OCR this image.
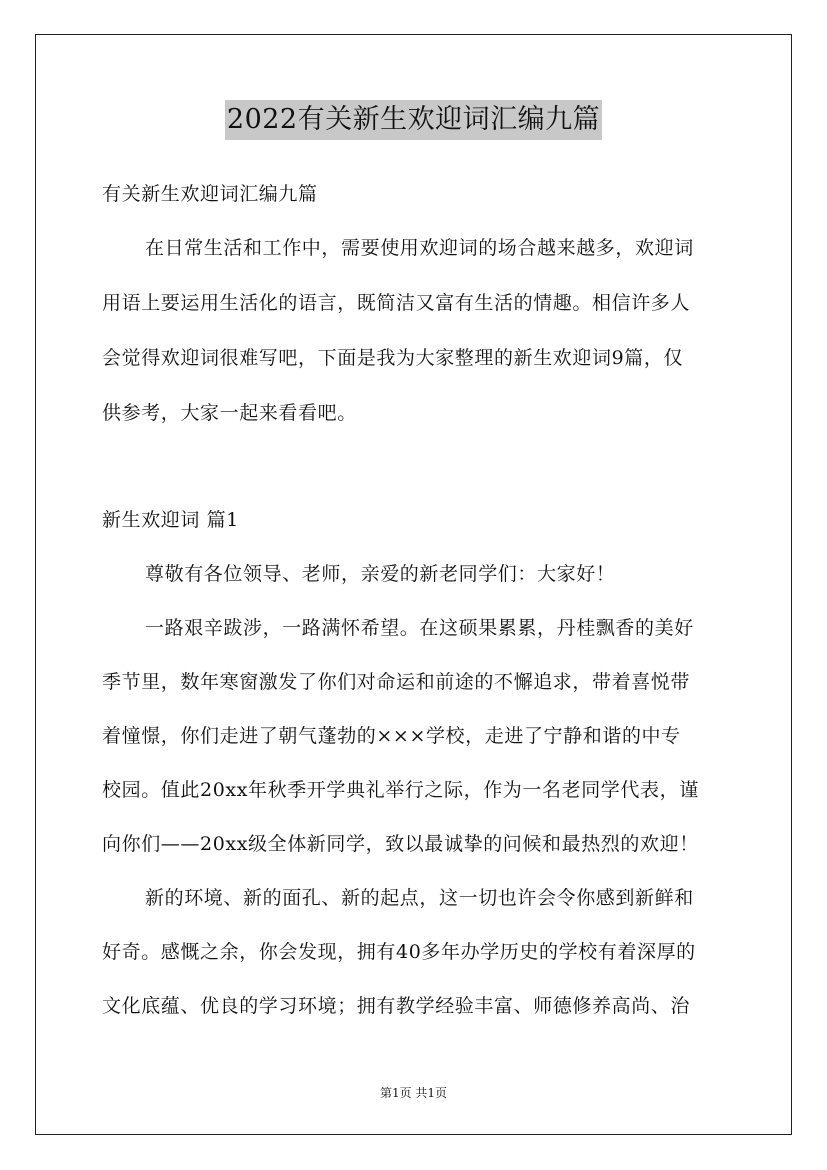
2022有关新生欢迎词汇编九篇
有关新生欢迎词汇编九篇
在日常生活和工作中，需要使用欢迎词的场合越来越多，欢迎词
用语上要运用生活化的语言，既简洁又富有生活的情趣。相信许多人
会觉得欢迎词很难写吧，下面是我为大家整理的新生欢迎词9篇，仅
供参考，大家一起来看看吧。
新生欢迎词 篇1
尊敬有各位领导、老师，亲爱的新老同学们：大家好！
一路艰辛跋涉，一路满怀希望。在这硕果累累，丹桂飘香的美好
季节里，数年寒窗激发了你们对命运和前途的不懈追求，带着喜悦带
着憧憬，你们走进了朝气蓬勃的×××学校，走进了宁静和谐的中专
校园。值此20xx年秋季开学典礼举行之际，作为一名老同学代表，谨
向你们——20xx级全体新同学，致以最诚挚的问候和最热烈的欢迎！
新的环境、新的面孔、新的起点，这一切也许会令你感到新鲜和
好奇。感慨之余，你会发现，拥有40多年办学历史的学校有着深厚的
文化底蕴、优良的学习环境；拥有教学经验丰富、师德修养高尚、治
第1页 共1页
